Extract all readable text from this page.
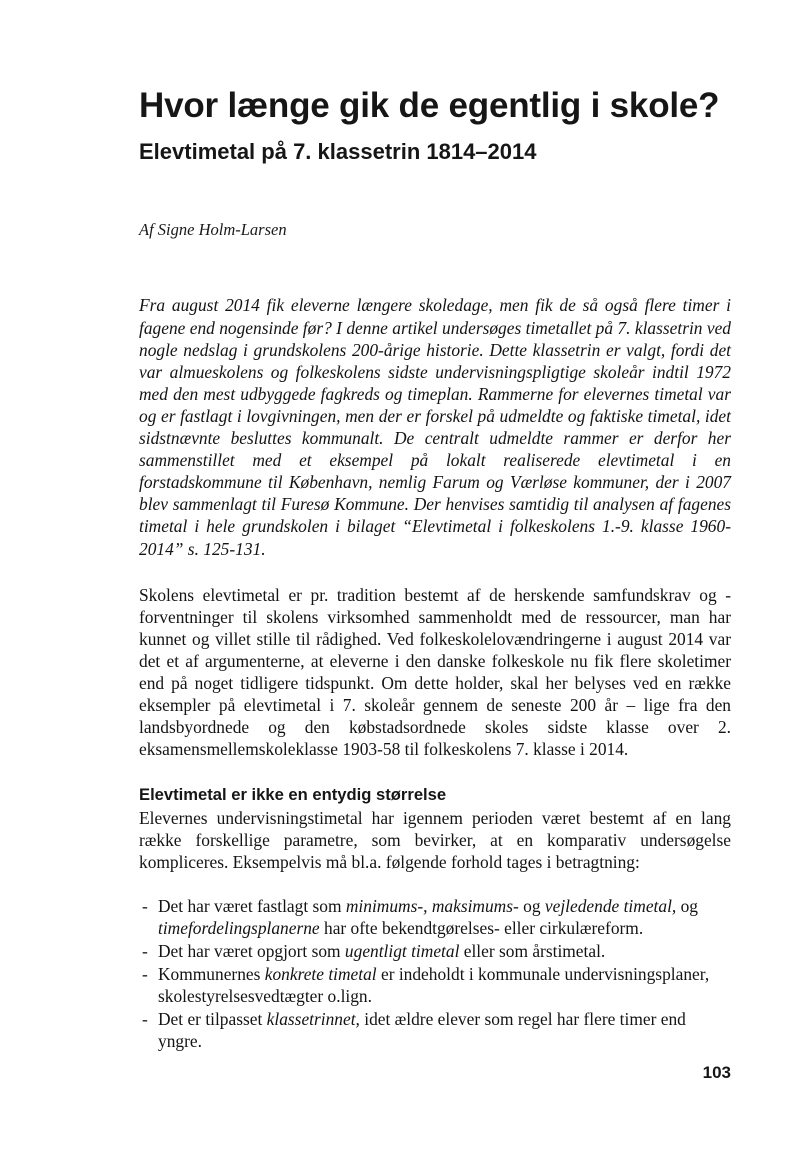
Hvor længe gik de egentlig i skole?
Elevtimetal på 7. klassetrin 1814–2014

Af Signe Holm-Larsen

Fra august 2014 fik eleverne længere skoledage, men fik de så også flere timer i fagene end nogensinde før? I denne artikel undersøges timetallet på 7. klassetrin ved nogle nedslag i grundskolens 200-årige historie. Dette klassetrin er valgt, fordi det var almueskolens og folkeskolens sidste undervisningspligtige skoleår indtil 1972 med den mest udbyggede fagkreds og timeplan. Rammerne for elevernes timetal var og er fastlagt i lovgivningen, men der er forskel på udmeldte og faktiske timetal, idet sidstnævnte besluttes kommunalt. De centralt udmeldte rammer er derfor her sammenstillet med et eksempel på lokalt realiserede elevtimetal i en forstadskommune til København, nemlig Farum og Værløse kommuner, der i 2007 blev sammenlagt til Furesø Kommune. Der henvises samtidig til analysen af fagenes timetal i hele grundskolen i bilaget “Elevtimetal i folkeskolens 1.-9. klasse 1960-2014” s. 125-131.

Skolens elevtimetal er pr. tradition bestemt af de herskende samfundskrav og -forventninger til skolens virksomhed sammenholdt med de ressourcer, man har kunnet og villet stille til rådighed. Ved folkeskolelovændringerne i august 2014 var det et af argumenterne, at eleverne i den danske folkeskole nu fik flere skoletimer end på noget tidligere tidspunkt. Om dette holder, skal her belyses ved en række eksempler på elevtimetal i 7. skoleår gennem de seneste 200 år – lige fra den landsbyordnede og den købstadsordnede skoles sidste klasse over 2. eksamensmellemskoleklasse 1903-58 til folkeskolens 7. klasse i 2014.

Elevtimetal er ikke en entydig størrelse

Elevernes undervisningstimetal har igennem perioden været bestemt af en lang række forskellige parametre, som bevirker, at en komparativ undersøgelse kompliceres. Eksempelvis må bl.a. følgende forhold tages i betragtning:

- Det har været fastlagt som minimums-, maksimums- og vejledende timetal, og timefordelingsplanerne har ofte bekendtgørelses- eller cirkulæreform.
- Det har været opgjort som ugentligt timetal eller som årstimetal.
- Kommunernes konkrete timetal er indeholdt i kommunale undervisningsplaner, skolestyrelsesvedtægter o.lign.
- Det er tilpasset klassetrinnet, idet ældre elever som regel har flere timer end yngre.
103
